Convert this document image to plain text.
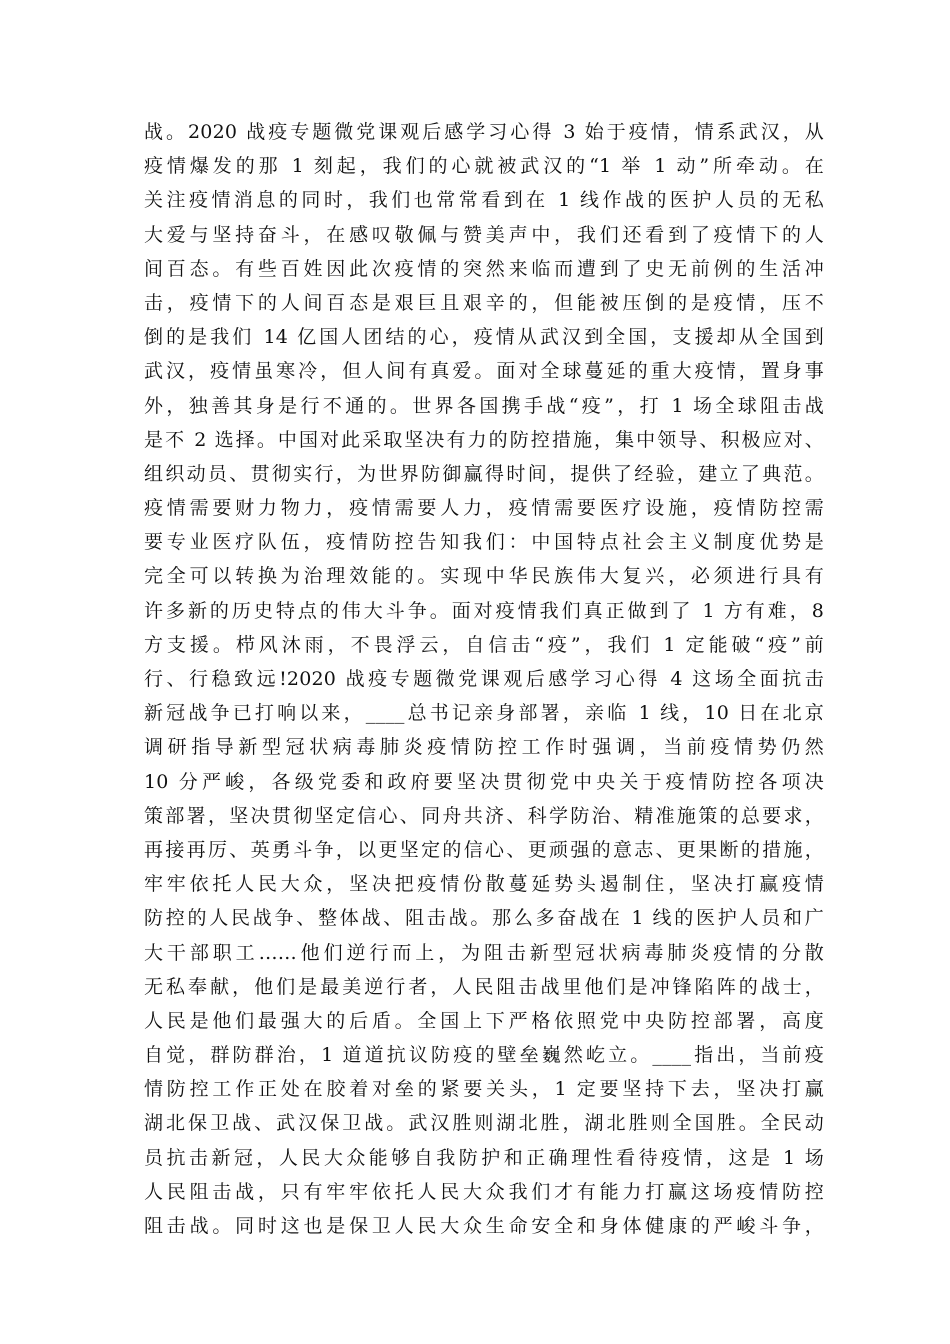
战。2020 战疫专题微党课观后感学习心得 3 始于疫情，情系武汉，从
疫情爆发的那 1 刻起，我们的心就被武汉的“1 举 1 动”所牵动。在
关注疫情消息的同时，我们也常常看到在 1 线作战的医护人员的无私
大爱与坚持奋斗，在感叹敬佩与赞美声中，我们还看到了疫情下的人
间百态。有些百姓因此次疫情的突然来临而遭到了史无前例的生活冲
击，疫情下的人间百态是艰巨且艰辛的，但能被压倒的是疫情，压不
倒的是我们 14 亿国人团结的心，疫情从武汉到全国，支援却从全国到
武汉，疫情虽寒冷，但人间有真爱。面对全球蔓延的重大疫情，置身事
外，独善其身是行不通的。世界各国携手战“疫”，打 1 场全球阻击战
是不 2 选择。中国对此采取坚决有力的防控措施，集中领导、积极应对、
组织动员、贯彻实行，为世界防御赢得时间，提供了经验，建立了典范。
疫情需要财力物力，疫情需要人力，疫情需要医疗设施，疫情防控需
要专业医疗队伍，疫情防控告知我们：中国特点社会主义制度优势是
完全可以转换为治理效能的。实现中华民族伟大复兴，必须进行具有
许多新的历史特点的伟大斗争。面对疫情我们真正做到了 1 方有难，8
方支援。栉风沐雨，不畏浮云，自信击“疫”，我们 1 定能破“疫”前
行、行稳致远!2020 战疫专题微党课观后感学习心得 4 这场全面抗击
新冠战争已打响以来，____总书记亲身部署，亲临 1 线，10 日在北京
调研指导新型冠状病毒肺炎疫情防控工作时强调，当前疫情势仍然
10 分严峻，各级党委和政府要坚决贯彻党中央关于疫情防控各项决
策部署，坚决贯彻坚定信心、同舟共济、科学防治、精准施策的总要求，
再接再厉、英勇斗争，以更坚定的信心、更顽强的意志、更果断的措施，
牢牢依托人民大众，坚决把疫情份散蔓延势头遏制住，坚决打赢疫情
防控的人民战争、整体战、阻击战。那么多奋战在 1 线的医护人员和广
大干部职工……他们逆行而上，为阻击新型冠状病毒肺炎疫情的分散
无私奉献，他们是最美逆行者，人民阻击战里他们是冲锋陷阵的战士，
人民是他们最强大的后盾。全国上下严格依照党中央防控部署，高度
自觉，群防群治，1 道道抗议防疫的壁垒巍然屹立。____指出，当前疫
情防控工作正处在胶着对垒的紧要关头，1 定要坚持下去，坚决打赢
湖北保卫战、武汉保卫战。武汉胜则湖北胜，湖北胜则全国胜。全民动
员抗击新冠，人民大众能够自我防护和正确理性看待疫情，这是 1 场
人民阻击战，只有牢牢依托人民大众我们才有能力打赢这场疫情防控
阻击战。同时这也是保卫人民大众生命安全和身体健康的严峻斗争，
